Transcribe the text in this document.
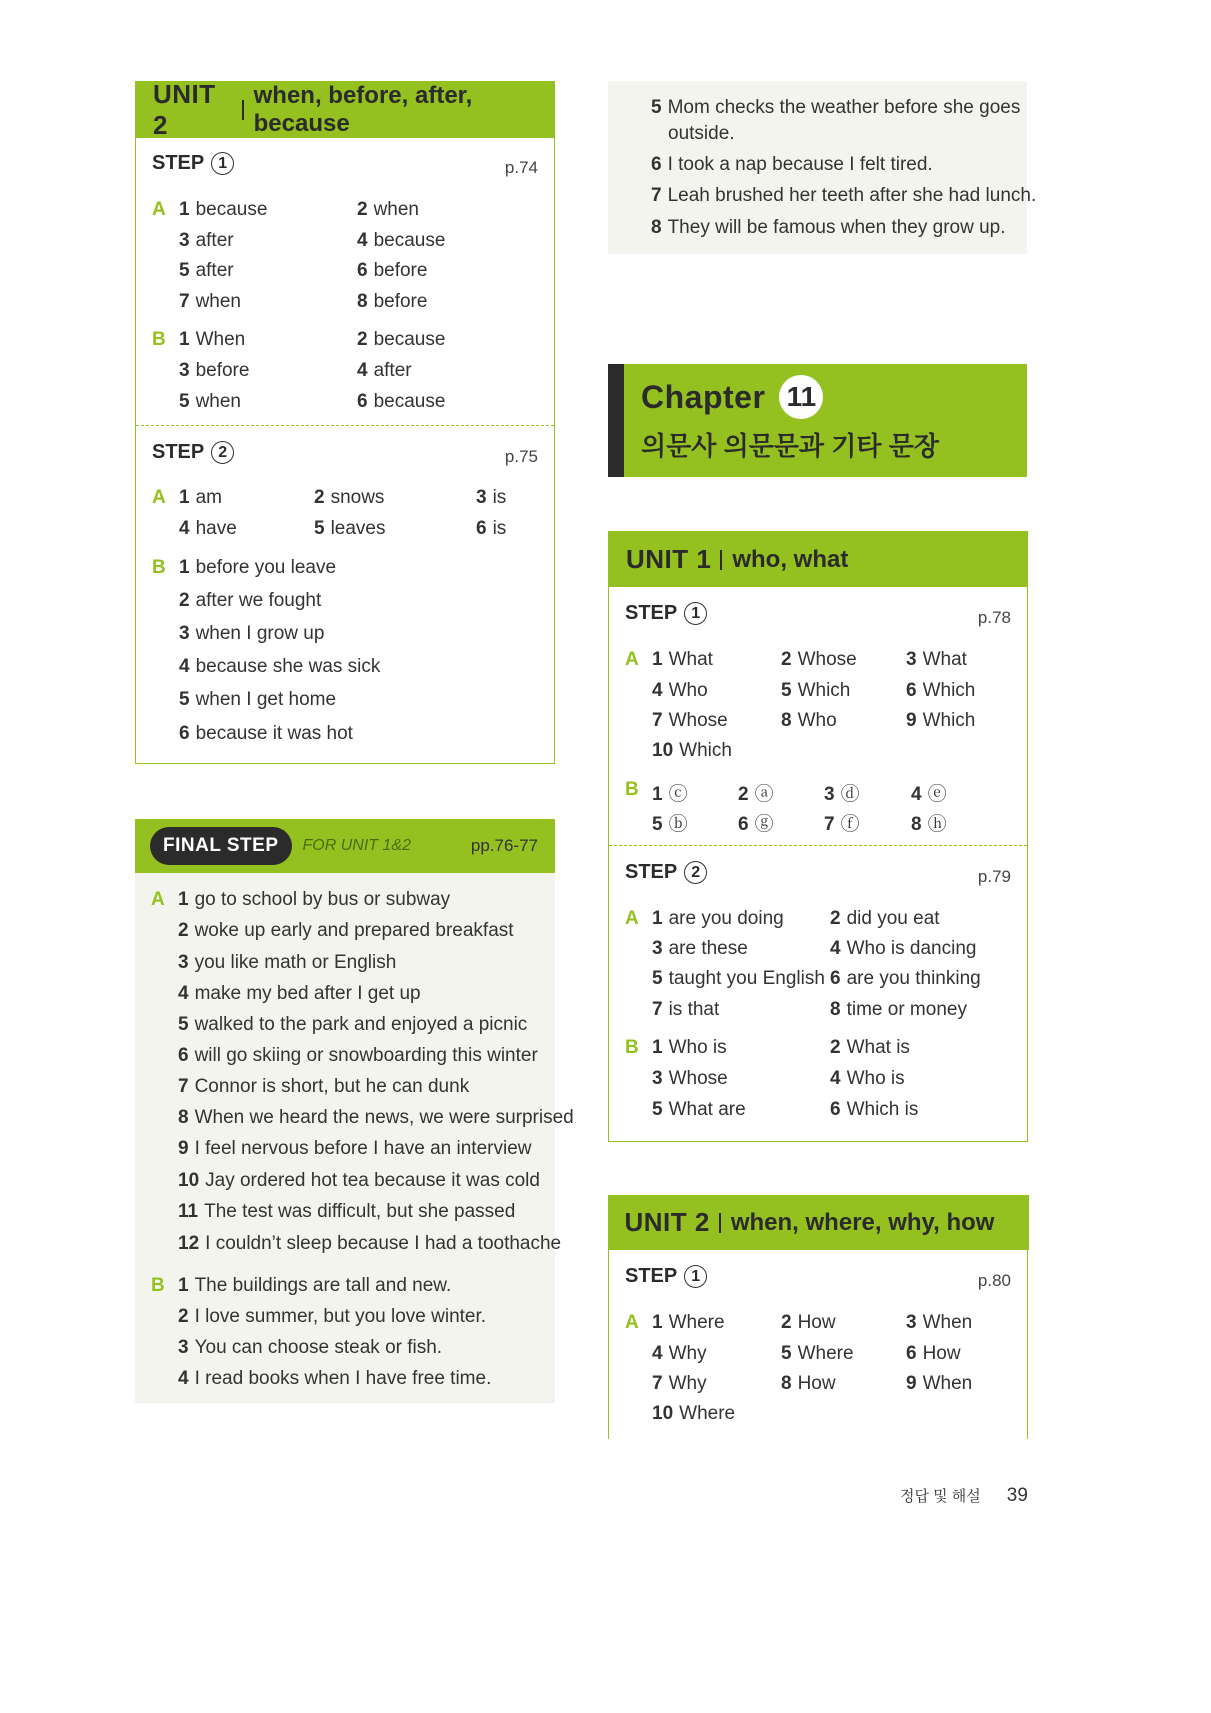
UNIT 2
when, before, after, because
STEP 1	p.74
A 1 because	2 when
3 after	4 because
5 after	6 before
7 when	8 before
B 1 When	2 because
3 before	4 after
5 when	6 because
STEP 2	p.75
A 1 am	2 snows	3 is
4 have	5 leaves	6 is
B 1 before you leave
2 after we fought
3 when I grow up
4 because she was sick
5 when I get home
6 because it was hot
FINAL STEP	FOR UNIT 1&2	pp.76-77
A 1 go to school by bus or subway
2 woke up early and prepared breakfast
3 you like math or English
4 make my bed after I get up
5 walked to the park and enjoyed a picnic
6 will go skiing or snowboarding this winter
7 Connor is short, but he can dunk
8 When we heard the news, we were surprised
9 I feel nervous before I have an interview
10 Jay ordered hot tea because it was cold
11 The test was difficult, but she passed
12 I couldn’t sleep because I had a toothache
B 1 The buildings are tall and new.
2 I love summer, but you love winter.
3 You can choose steak or fish.
4 I read books when I have free time.
5 Mom checks the weather before she goes
outside.
6 I took a nap because I felt tired.
7 Leah brushed her teeth after she had lunch.
8 They will be famous when they grow up.
Chapter 11
의문사 의문문과 기타 문장
UNIT 1 who, what
STEP 1	p.78
A 1 What	2 Whose	3 What
4 Who	5 Which	6 Which
7 Whose	8 Who	9 Which
10 Which
B 1 ⓒ	2 ⓐ	3 ⓓ	4 ⓔ
5 ⓑ	6 ⓖ	7 ⓕ	8 ⓗ
STEP 2	p.79
A 1 are you doing 2 did you eat
3 are these	4 Who is dancing
5 taught you English 6 are you thinking
7 is that	8 time or money
B 1 Who is	2 What is
3 Whose	4 Who is
5 What are	6 Which is
UNIT 2 when, where, why, how
STEP 1	p.80
A 1 Where	2 How	3 When
4 Why	5 Where	6 How
7 Why	8 How	9 When
10 Where
정답 및 해설 39
